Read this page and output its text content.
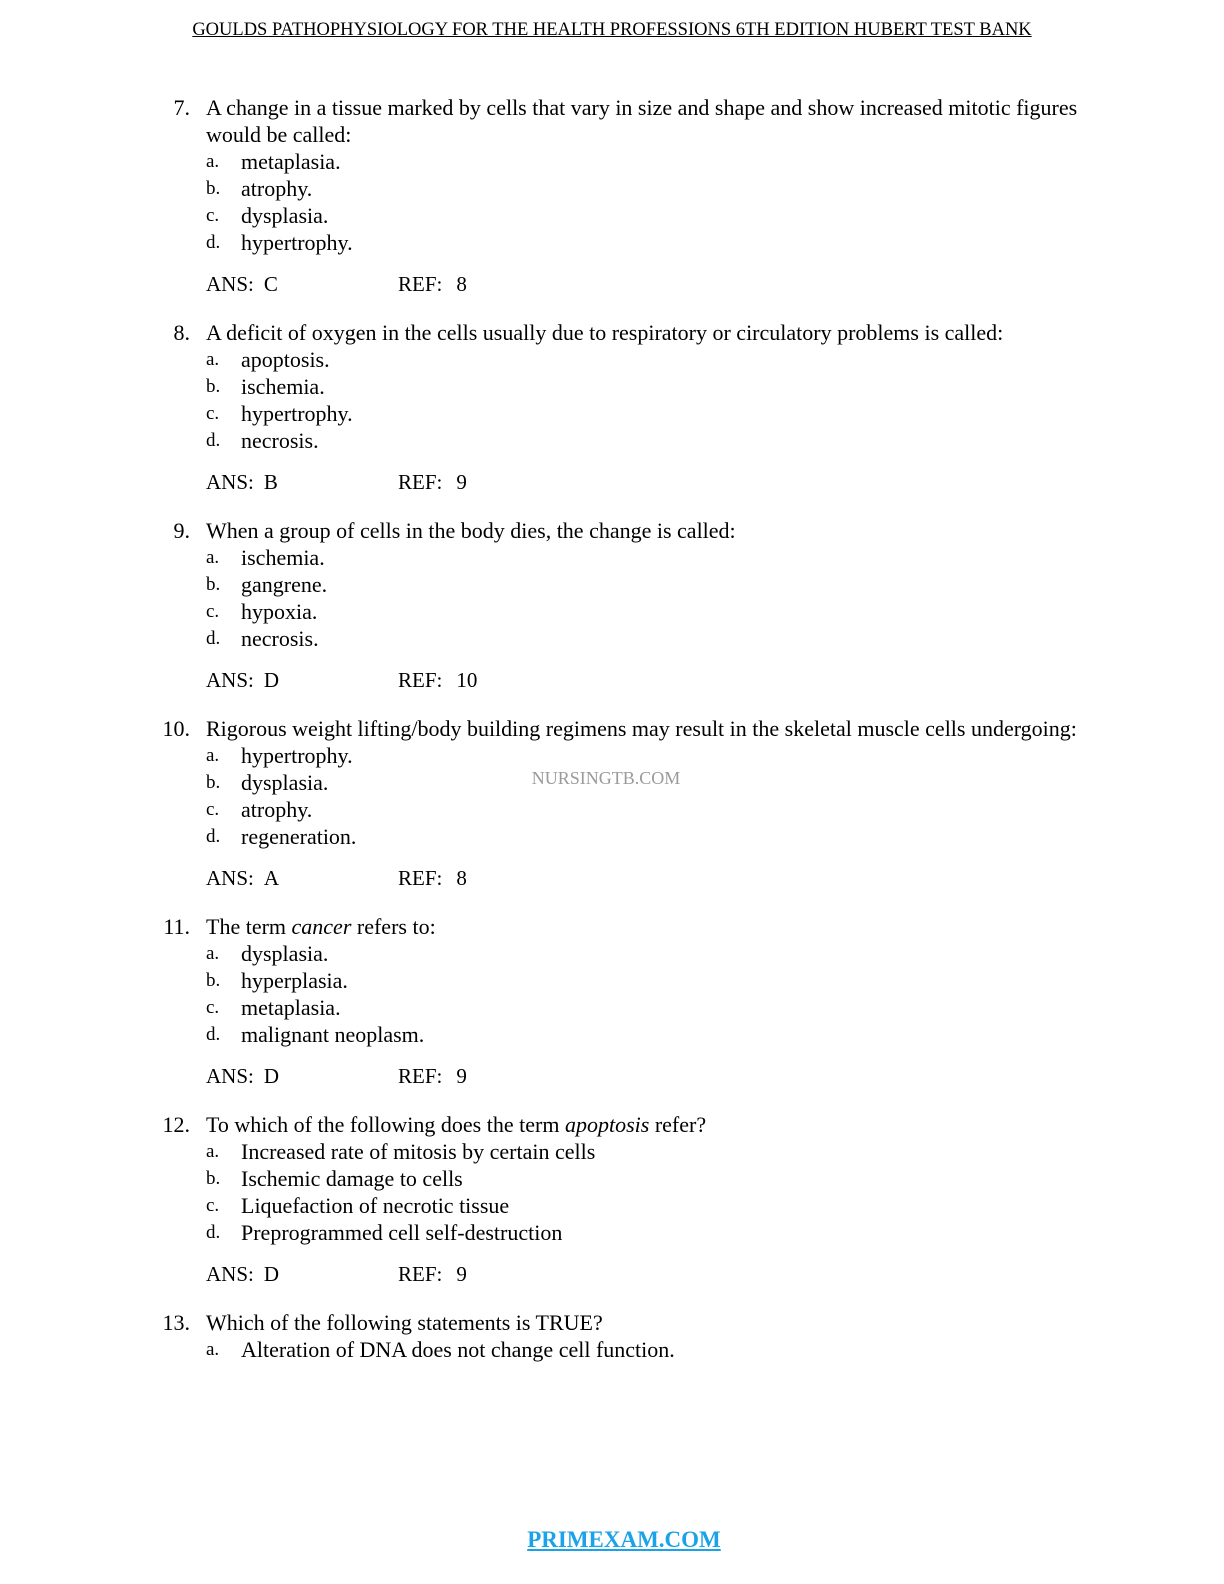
GOULDS PATHOPHYSIOLOGY FOR THE HEALTH PROFESSIONS 6TH EDITION HUBERT TEST BANK
7. A change in a tissue marked by cells that vary in size and shape and show increased mitotic figures would be called:
a. metaplasia.
b. atrophy.
c. dysplasia.
d. hypertrophy.
ANS: C	REF: 8
8. A deficit of oxygen in the cells usually due to respiratory or circulatory problems is called:
a. apoptosis.
b. ischemia.
c. hypertrophy.
d. necrosis.
ANS: B	REF: 9
9. When a group of cells in the body dies, the change is called:
a. ischemia.
b. gangrene.
c. hypoxia.
d. necrosis.
ANS: D	REF: 10
10. Rigorous weight lifting/body building regimens may result in the skeletal muscle cells undergoing:
a. hypertrophy.
b. dysplasia.
c. atrophy.
d. regeneration.
ANS: A	REF: 8
11. The term cancer refers to:
a. dysplasia.
b. hyperplasia.
c. metaplasia.
d. malignant neoplasm.
ANS: D	REF: 9
12. To which of the following does the term apoptosis refer?
a. Increased rate of mitosis by certain cells
b. Ischemic damage to cells
c. Liquefaction of necrotic tissue
d. Preprogrammed cell self-destruction
ANS: D	REF: 9
13. Which of the following statements is TRUE?
a. Alteration of DNA does not change cell function.
NURSINGTB.COM
PRIMEXAM.COM
